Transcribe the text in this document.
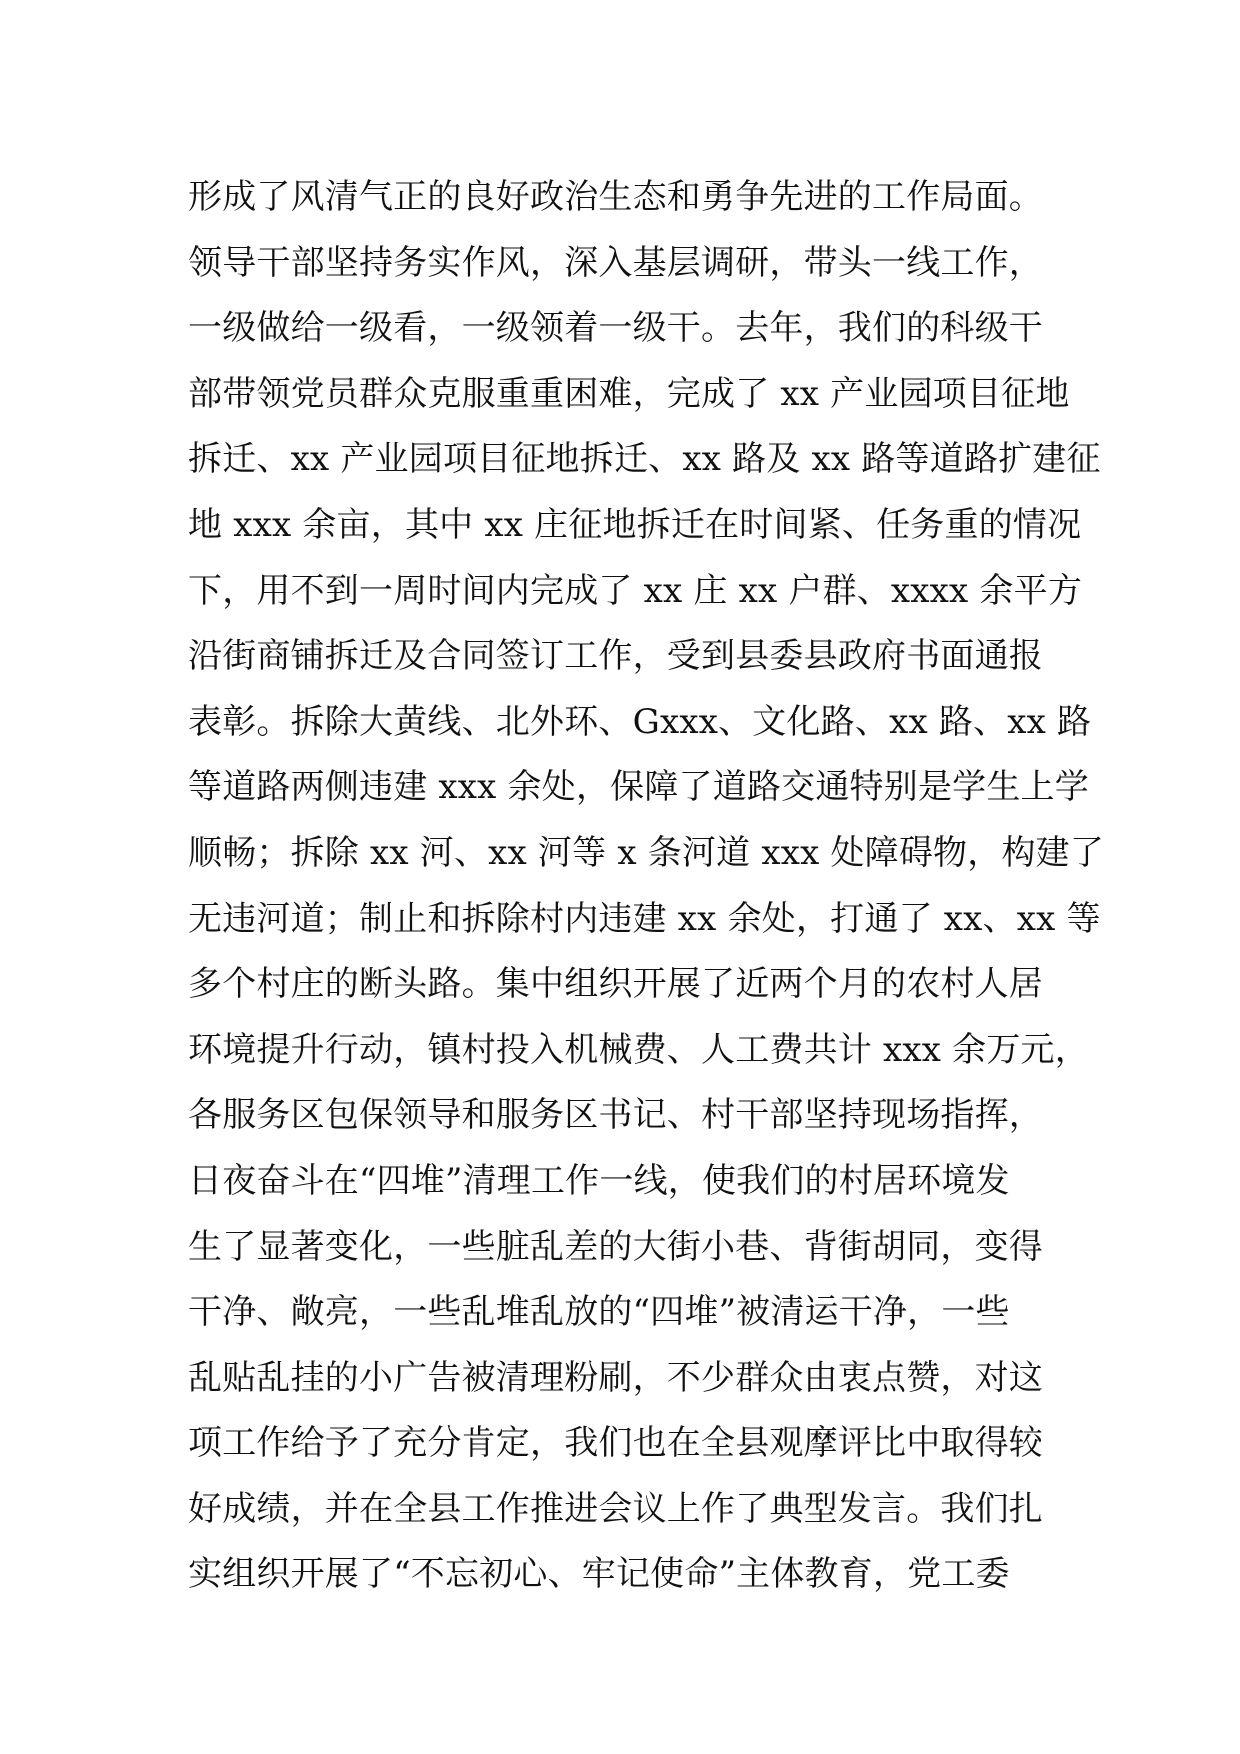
形成了风清气正的良好政治生态和勇争先进的工作局面。
领导干部坚持务实作风，深入基层调研，带头一线工作，
一级做给一级看，一级领着一级干。去年，我们的科级干
部带领党员群众克服重重困难，完成了 xx 产业园项目征地
拆迁、xx 产业园项目征地拆迁、xx 路及 xx 路等道路扩建征
地 xxx 余亩，其中 xx 庄征地拆迁在时间紧、任务重的情况
下，用不到一周时间内完成了 xx 庄 xx 户群、xxxx 余平方
沿街商铺拆迁及合同签订工作，受到县委县政府书面通报
表彰。拆除大黄线、北外环、Gxxx、文化路、xx 路、xx 路
等道路两侧违建 xxx 余处，保障了道路交通特别是学生上学
顺畅；拆除 xx 河、xx 河等 x 条河道 xxx 处障碍物，构建了
无违河道；制止和拆除村内违建 xx 余处，打通了 xx、xx 等
多个村庄的断头路。集中组织开展了近两个月的农村人居
环境提升行动，镇村投入机械费、人工费共计 xxx 余万元，
各服务区包保领导和服务区书记、村干部坚持现场指挥，
日夜奋斗在“四堆”清理工作一线，使我们的村居环境发
生了显著变化，一些脏乱差的大街小巷、背街胡同，变得
干净、敞亮，一些乱堆乱放的“四堆”被清运干净，一些
乱贴乱挂的小广告被清理粉刷，不少群众由衷点赞，对这
项工作给予了充分肯定，我们也在全县观摩评比中取得较
好成绩，并在全县工作推进会议上作了典型发言。我们扎
实组织开展了“不忘初心、牢记使命”主体教育，党工委
